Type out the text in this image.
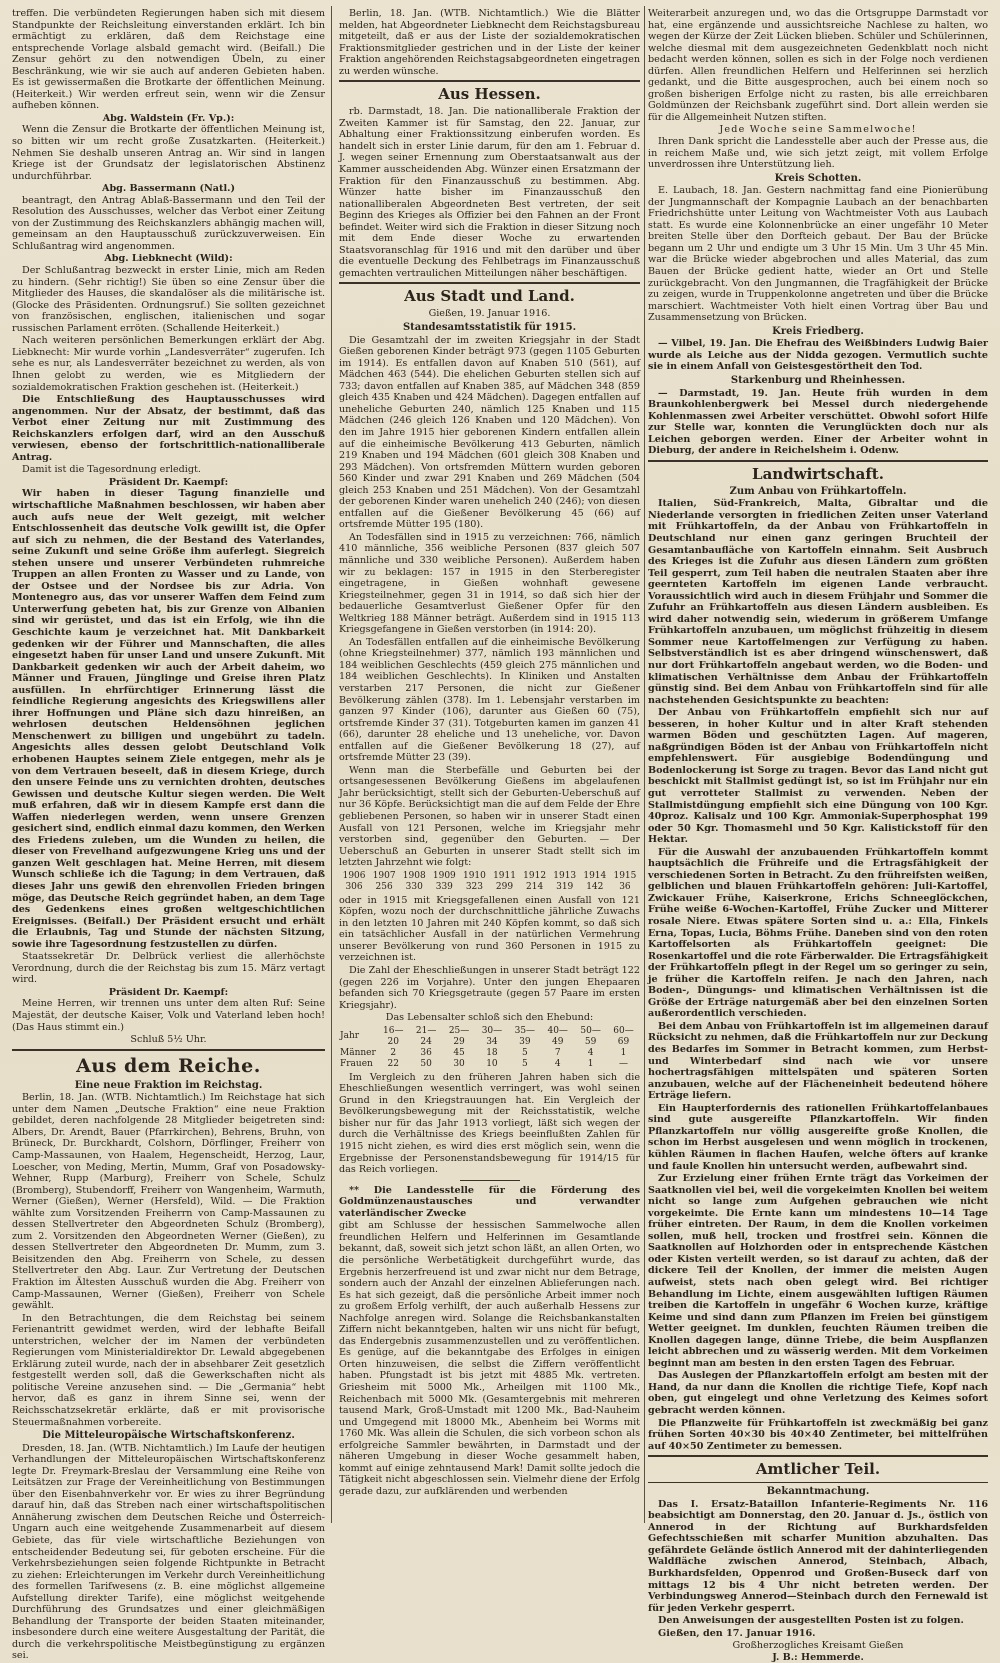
treffen. Die verbündeten Regierungen haben sich mit diesem Standpunkte der Reichsleitung einverstanden erklärt. Ich bin ermächtigt zu erklären, daß dem Reichstage eine entsprechende Vorlage alsbald gemacht wird. (Beifall.) Die Zensur gehört zu den notwendigen Übeln, zu einer Beschränkung, wie wir sie auch auf anderen Gebieten haben. Es ist gewissermaßen die Brotkarte der öffentlichen Meinung. (Heiterkeit.) Wir werden erfreut sein, wenn wir die Zensur aufheben können.

Abg. Waldstein (Fr. Vp.):

Wenn die Zensur die Brotkarte der öffentlichen Meinung ist, so bitten wir um recht große Zusatzkarten. (Heiterkeit.) Nehmen Sie deshalb unseren Antrag an. Wir sind in langen Kriege ist der Grundsatz der legislatorischen Abstinenz undurchführbar.

Abg. Bassermann (Natl.)

beantragt, den Antrag Ablaß-Bassermann und den Teil der Resolution des Ausschusses, welcher das Verbot einer Zeitung von der Zustimmung des Reichskanzlers abhängig machen will, gemeinsam an den Hauptausschuß zurückzuverweisen. Ein Schlußantrag wird angenommen.

Abg. Liebknecht (Wild):

Der Schlußantrag bezweckt in erster Linie, mich am Reden zu hindern. (Sehr richtig!) Sie üben so eine Zensur über die Mitglieder des Hauses, die skandalöser als die militärische ist. (Glocke des Präsidenten. Ordnungsruf.) Sie sollten gezeichnet von französischen, englischen, italienischen und sogar russischen Parlament erröten. (Schallende Heiterkeit.)

Nach weiteren persönlichen Bemerkungen erklärt der Abg. Liebknecht: Mir wurde vorhin „Landesverräter“ zugerufen. Ich sehe es nur, als Landesverräter bezeichnet zu werden, als von Ihnen gelobt zu werden, wie es Mitgliedern der sozialdemokratischen Fraktion geschehen ist. (Heiterkeit.)

Die Entschließung des Hauptausschusses wird angenommen. Nur der Absatz, der bestimmt, daß das Verbot einer Zeitung nur mit Zustimmung des Reichskanzlers erfolgen darf, wird an den Ausschuß verwiesen, ebenso der fortschrittlich-nationalliberale Antrag.

Damit ist die Tagesordnung erledigt.

Präsident Dr. Kaempf:

Wir haben in dieser Tagung finanzielle und wirtschaftliche Maßnahmen beschlossen, wir haben aber auch aufs neue der Welt gezeigt, mit welcher Entschlossenheit das deutsche Volk gewillt ist, die Opfer auf sich zu nehmen, die der Bestand des Vaterlandes, seine Zukunft und seine Größe ihm auferlegt. Siegreich stehen unsere und unserer Verbündeten ruhmreiche Truppen an allen Fronten zu Wasser und zu Lande, von der Ostsee und der Nordsee bis zur Adria. Von Montenegro aus, das vor unserer Waffen dem Feind zum Unterwerfung gebeten hat, bis zur Grenze von Albanien sind wir gerüstet, und das ist ein Erfolg, wie ihn die Geschichte kaum je verzeichnet hat. Mit Dankbarkeit gedenken wir der Führer und Mannschaften, die alles eingesetzt haben für unser Land und unsere Zukunft. Mit Dankbarkeit gedenken wir auch der Arbeit daheim, wo Männer und Frauen, Jünglinge und Greise ihren Platz ausfüllen. In ehrfürchtiger Erinnerung lässt die feindliche Regierung angesichts des Kriegswillens aller ihrer Hoffnungen und Pläne sich dazu hinreißen, an wehrlosen deutschen Heldensöhnen jeglichen Menschenwert zu billigen und ungebührt zu tadeln. Angesichts alles dessen gelobt Deutschland Volk erhobenen Hauptes seinem Ziele entgegen, mehr als je von dem Vertrauen beseelt, daß in diesem Kriege, durch den unsere Feinde uns zu vernichten drohten, deutsches Gewissen und deutsche Kultur siegen werden. Die Welt muß erfahren, daß wir in diesem Kampfe erst dann die Waffen niederlegen werden, wenn unsere Grenzen gesichert sind, endlich einmal dazu kommen, den Werken des Friedens zuleben, um die Wunden zu heilen, die dieser von Frevelhand aufgezwungene Krieg uns und der ganzen Welt geschlagen hat. Meine Herren, mit diesem Wunsch schließe ich die Tagung; in dem Vertrauen, daß dieses Jahr uns gewiß den ehrenvollen Frieden bringen möge, das Deutsche Reich gegründet haben, an dem Tage des Gedenkens eines großen weltgeschichtlichen Ereignisses. (Beifall.) Der Präsident ersucht und erhält die Erlaubnis, Tag und Stunde der nächsten Sitzung, sowie ihre Tagesordnung festzustellen zu dürfen.

Staatssekretär Dr. Delbrück verliest die allerhöchste Verordnung, durch die der Reichstag bis zum 15. März vertagt wird.

Präsident Dr. Kaempf:

Meine Herren, wir trennen uns unter dem alten Ruf: Seine Majestät, der deutsche Kaiser, Volk und Vaterland leben hoch! (Das Haus stimmt ein.)

Schluß 5½ Uhr.

Aus dem Reiche.

Eine neue Fraktion im Reichstag.

Berlin, 18. Jan. (WTB. Nichtamtlich.) Im Reichstage hat sich unter dem Namen „Deutsche Fraktion“ eine neue Fraktion gebildet, deren nachfolgende 28 Mitglieder beigetreten sind: Albers, Dr. Arendt, Bauer (Pfarrkirchen), Behrens, Bruhn, von Brüneck, Dr. Burckhardt, Colshorn, Dörflinger, Freiherr von Camp-Massaunen, von Haalem, Hegenscheidt, Herzog, Laur, Loescher, von Meding, Mertin, Mumm, Graf von Posadowsky-Wehner, Rupp (Marburg), Freiherr von Schele, Schulz (Bromberg), Stubendorff, Freiherr von Wangenheim, Warmuth, Werner (Gießen), Werner (Hersfeld), Wild. — Die Fraktion wählte zum Vorsitzenden Freiherrn von Camp-Massaunen zu dessen Stellvertreter den Abgeordneten Schulz (Bromberg), zum 2. Vorsitzenden den Abgeordneten Werner (Gießen), zu dessen Stellvertreter den Abgeordneten Dr. Mumm, zum 3. Beisitzenden den Abg. Freiherrn von Schele, zu dessen Stellvertreter den Abg. Laur. Zur Vertretung der Deutschen Fraktion im Ältesten Ausschuß wurden die Abg. Freiherr von Camp-Massaunen, Werner (Gießen), Freiherr von Schele gewählt.

In den Betrachtungen, die dem Reichstag bei seinem Ferienantritt gewidmet werden, wird der lebhafte Beifall unterstrichen, welcher der im Namen der verbündeten Regierungen vom Ministerialdirektor Dr. Lewald abgegebenen Erklärung zuteil wurde, nach der in absehbarer Zeit gesetzlich festgestellt werden soll, daß die Gewerkschaften nicht als politische Vereine anzusehen sind. — Die „Germania“ hebt hervor, daß es ganz in ihrem Sinne sei, wenn der Reichsschatzsekretär erklärte, daß er mit provisorische Steuermaßnahmen vorbereite.

Die Mitteleuropäische Wirtschaftskonferenz.

Dresden, 18. Jan. (WTB. Nichtamtlich.) Im Laufe der heutigen Verhandlungen der Mitteleuropäischen Wirtschaftskonferenz legte Dr. Freymark-Breslau der Versammlung eine Reihe von Leitsätzen zur Frage der Vereinheitlichung von Bestimmungen über den Eisenbahnverkehr vor. Er wies zu ihrer Begründung darauf hin, daß das Streben nach einer wirtschaftspolitischen Annäherung zwischen dem Deutschen Reiche und Österreich-Ungarn auch eine weitgehende Zusammenarbeit auf diesem Gebiete, das für viele wirtschaftliche Beziehungen von entscheidender Bedeutung sei, für geboten erscheine. Für die Verkehrsbeziehungen seien folgende Richtpunkte in Betracht zu ziehen: Erleichterungen im Verkehr durch Vereinheitlichung des formellen Tarifwesens (z. B. eine möglichst allgemeine Aufstellung direkter Tarife), eine möglichst weitgehende Durchführung des Grundsatzes und einer gleichmäßigen Behandlung der Transporte der beiden Staaten miteinander, insbesondere durch eine weitere Ausgestaltung der Parität, die durch die verkehrspolitische Meistbegünstigung zu ergänzen sei.

Berlin, 18. Jan. (WTB. Nichtamtlich.) Wie die Blätter melden, hat Abgeordneter Liebknecht dem Reichstagsbureau mitgeteilt, daß er aus der Liste der sozialdemokratischen Fraktionsmitglieder gestrichen und in der Liste der keiner Fraktion angehörenden Reichstagsabgeordneten eingetragen zu werden wünsche.

Aus Hessen.

rb. Darmstadt, 18. Jan. Die nationalliberale Fraktion der Zweiten Kammer ist für Samstag, den 22. Januar, zur Abhaltung einer Fraktionssitzung einberufen worden. Es handelt sich in erster Linie darum, für den am 1. Februar d. J. wegen seiner Ernennung zum Oberstaatsanwalt aus der Kammer ausscheidenden Abg. Wünzer einen Ersatzmann der Fraktion für den Finanzausschuß zu bestimmen. Abg. Wünzer hatte bisher im Finanzausschuß den nationalliberalen Abgeordneten Best vertreten, der seit Beginn des Krieges als Offizier bei den Fahnen an der Front befindet. Weiter wird sich die Fraktion in dieser Sitzung noch mit dem Ende dieser Woche zu erwartenden Staatsvoranschlag für 1916 und mit den darüber und über die eventuelle Deckung des Fehlbetrags im Finanzausschuß gemachten vertraulichen Mitteilungen näher beschäftigen.

Aus Stadt und Land.

Gießen, 19. Januar 1916.

Standesamtsstatistik für 1915.

Die Gesamtzahl der im zweiten Kriegsjahr in der Stadt Gießen geborenen Kinder beträgt 973 (gegen 1105 Geburten im 1914). Es entfallen davon auf Knaben 510 (561), auf Mädchen 463 (544). Die ehelichen Geburten stellen sich auf 733; davon entfallen auf Knaben 385, auf Mädchen 348 (859 gleich 435 Knaben und 424 Mädchen). Dagegen entfallen auf uneheliche Geburten 240, nämlich 125 Knaben und 115 Mädchen (246 gleich 126 Knaben und 120 Mädchen). Von den im Jahre 1915 hier geborenen Kindern entfallen allein auf die einheimische Bevölkerung 413 Geburten, nämlich 219 Knaben und 194 Mädchen (601 gleich 308 Knaben und 293 Mädchen). Von ortsfremden Müttern wurden geboren 560 Kinder und zwar 291 Knaben und 269 Mädchen (504 gleich 253 Knaben und 251 Mädchen). Von der Gesamtzahl der geborenen Kinder waren unehelich 240 (246); von diesen entfallen auf die Gießener Bevölkerung 45 (66) auf ortsfremde Mütter 195 (180).

An Todesfällen sind in 1915 zu verzeichnen: 766, nämlich 410 männliche, 356 weibliche Personen (837 gleich 507 männliche und 330 weibliche Personen). Außerdem haben wir zu beklagen: 157 in 1915 in den Sterberegister eingetragene, in Gießen wohnhaft gewesene Kriegsteilnehmer, gegen 31 in 1914, so daß sich hier der bedauerliche Gesamtverlust Gießener Opfer für den Weltkrieg 188 Männer beträgt. Außerdem sind in 1915 113 Kriegsgefangene in Gießen verstorben (in 1914: 20).

An Todesfällen entfallen auf die einheimische Bevölkerung (ohne Kriegsteilnehmer) 377, nämlich 193 männlichen und 184 weiblichen Geschlechts (459 gleich 275 männlichen und 184 weiblichen Geschlechts). In Kliniken und Anstalten verstarben 217 Personen, die nicht zur Gießener Bevölkerung zählen (378). Im 1. Lebensjahr verstarben im ganzen 97 Kinder (106), darunter aus Gießen 60 (75), ortsfremde Kinder 37 (31). Totgeburten kamen im ganzen 41 (66), darunter 28 eheliche und 13 uneheliche, vor. Davon entfallen auf die Gießener Bevölkerung 18 (27), auf ortsfremde Mütter 23 (39).

Wenn man die Sterbefälle und Geburten bei der ortsangesessenen Bevölkerung Gießens im abgelaufenen Jahr berücksichtigt, stellt sich der Geburten-Ueberschuß auf nur 36 Köpfe. Berücksichtigt man die auf dem Felde der Ehre gebliebenen Personen, so haben wir in unserer Stadt einen Ausfall von 121 Personen, welche im Kriegsjahr mehr verstorben sind, gegenüber den Geburten. — Der Ueberschuß an Geburten in unserer Stadt stellt sich im letzten Jahrzehnt wie folgt:

1906	1907	1908	1909	1910	1911	1912	1913	1914	1915
306	256	330	339	323	299	214	319	142	36

oder in 1915 mit Kriegsgefallenen einen Ausfall von 121 Köpfen, wozu noch der durchschnittliche jährliche Zuwachs in den letzten 10 Jahren mit 240 Köpfen kommt, so daß sich ein tatsächlicher Ausfall in der natürlichen Vermehrung unserer Bevölkerung von rund 360 Personen in 1915 zu verzeichnen ist.

Die Zahl der Eheschließungen in unserer Stadt beträgt 122 (gegen 226 im Vorjahre). Unter den jungen Ehepaaren befanden sich 70 Kriegsgetraute (gegen 57 Paare im ersten Kriegsjahr).

Das Lebensalter schloß sich den Ehebund:

Jahr	16—20	21—24	25—29	30—34	35—39	40—49	50—59	60—69
Männer	2	36	45	18	5	7	4	1
Frauen	22	50	30	10	5	4	1	—

Im Vergleich zu den früheren Jahren haben sich die Eheschließungen wesentlich verringert, was wohl seinen Grund in den Kriegstrauungen hat. Ein Vergleich der Bevölkerungsbewegung mit der Reichsstatistik, welche bisher nur für das Jahr 1913 vorliegt, läßt sich wegen der durch die Verhältnisse des Kriegs beeinflußten Zahlen für 1915 nicht ziehen, es wird dies erst möglich sein, wenn die Ergebnisse der Personenstandsbewegung für 1914/15 für das Reich vorliegen.

** Die Landesstelle für die Förderung des Goldmünzenaustausches und verwandter vaterländischer Zwecke

gibt am Schlusse der hessischen Sammelwoche allen freundlichen Helfern und Helferinnen im Gesamtlande bekannt, daß, soweit sich jetzt schon läßt, an allen Orten, wo die persönliche Werbetätigkeit durchgeführt wurde, das Ergebnis herzerfreuend ist und zwar nicht nur dem Betrage, sondern auch der Anzahl der einzelnen Ablieferungen nach. Es hat sich gezeigt, daß die persönliche Arbeit immer noch zu großem Erfolg verhilft, der auch außerhalb Hessens zur Nachfolge anregen wird. Solange die Reichsbankanstalten Ziffern nicht bekanntgeben, halten wir uns nicht für befugt, das Endergebnis zusammenzustellen und zu veröffentlichen. Es genüge, auf die bekanntgabe des Erfolges in einigen Orten hinzuweisen, die selbst die Ziffern veröffentlicht haben. Pfungstadt ist bis jetzt mit 4885 Mk. vertreten. Griesheim mit 5000 Mk., Arheilgen mit 1100 Mk., Reichenbach mit 5000 Mk. (Gesamtergebnis mit mehreren tausend Mark, Groß-Umstadt mit 1200 Mk., Bad-Nauheim und Umgegend mit 18000 Mk., Abenheim bei Worms mit 1760 Mk. Was allein die Schulen, die sich vorbeon schon als erfolgreiche Sammler bewährten, in Darmstadt und der näheren Umgebung in dieser Woche gesammelt haben, kommt auf einige zehntausend Mark! Damit sollte jedoch die Tätigkeit nicht abgeschlossen sein. Vielmehr diene der Erfolg gerade dazu, zur aufklärenden und werbenden

Weiterarbeit anzuregen und, wo das die Ortsgruppe Darmstadt vor hat, eine ergänzende und aussichtsreiche Nachlese zu halten, wo wegen der Kürze der Zeit Lücken blieben. Schüler und Schülerinnen, welche diesmal mit dem ausgezeichneten Gedenkblatt noch nicht bedacht werden können, sollen es sich in der Folge noch verdienen dürfen. Allen freundlichen Helfern und Helferinnen sei herzlich gedankt, und die Bitte ausgesprochen, auch bei einem noch so großen bisherigen Erfolge nicht zu rasten, bis alle erreichbaren Goldmünzen der Reichsbank zugeführt sind. Dort allein werden sie für die Allgemeinheit Nutzen stiften.

Jede Woche seine Sammelwoche!

Ihren Dank spricht die Landesstelle aber auch der Presse aus, die in reichem Maße und, wie sich jetzt zeigt, mit vollem Erfolge unverdrossen ihre Unterstützung lieh.

Kreis Schotten.

E. Laubach, 18. Jan. Gestern nachmittag fand eine Pionierübung der Jungmannschaft der Kompagnie Laubach an der benachbarten Friedrichshütte unter Leitung von Wachtmeister Voth aus Laubach statt. Es wurde eine Kolonnenbrücke an einer ungefähr 10 Meter breiten Stelle über den Dorfteich gebaut. Der Bau der Brücke begann um 2 Uhr und endigte um 3 Uhr 15 Min. Um 3 Uhr 45 Min. war die Brücke wieder abgebrochen und alles Material, das zum Bauen der Brücke gedient hatte, wieder an Ort und Stelle zurückgebracht. Von den Jungmannen, die Tragfähigkeit der Brücke zu zeigen, wurde in Truppenkolonne angetreten und über die Brücke marschiert. Wachtmeister Voth hielt einen Vortrag über Bau und Zusammensetzung von Brücken.

Kreis Friedberg.

— Vilbel, 19. Jan. Die Ehefrau des Weißbinders Ludwig Baier wurde als Leiche aus der Nidda gezogen. Vermutlich suchte sie in einem Anfall von Geistesgestörtheit den Tod.

Starkenburg und Rheinhessen.

— Darmstadt, 19. Jan. Heute früh wurden in dem Braunkohlenbergwerk bei Messel durch niedergehende Kohlenmassen zwei Arbeiter verschüttet. Obwohl sofort Hilfe zur Stelle war, konnten die Verunglückten doch nur als Leichen geborgen werden. Einer der Arbeiter wohnt in Dieburg, der andere in Reichelsheim i. Odenw.

Landwirtschaft.

Zum Anbau von Frühkartoffeln.

Italien, Süd-Frankreich, Malta, Gibraltar und die Niederlande versorgten in friedlichen Zeiten unser Vaterland mit Frühkartoffeln, da der Anbau von Frühkartoffeln in Deutschland nur einen ganz geringen Bruchteil der Gesamtanbaufläche von Kartoffeln einnahm. Seit Ausbruch des Krieges ist die Zufuhr aus diesen Ländern zum größten Teil gesperrt, zum Teil haben die neutralen Staaten aber ihre geernteten Kartoffeln im eigenen Lande verbraucht. Voraussichtlich wird auch in diesem Frühjahr und Sommer die Zufuhr an Frühkartoffeln aus diesen Ländern ausbleiben. Es wird daher notwendig sein, wiederum in größerem Umfange Frühkartoffeln anzubauen, um möglichst frühzeitig in diesem Sommer neue Kartoffelmengen zur Verfügung zu haben. Selbstverständlich ist es aber dringend wünschenswert, daß nur dort Frühkartoffeln angebaut werden, wo die Boden- und klimatischen Verhältnisse dem Anbau der Frühkartoffeln günstig sind. Bei dem Anbau von Frühkartoffeln sind für alle nachstehenden Gesichtspunkte zu beachten:

Der Anbau von Frühkartoffeln empfiehlt sich nur auf besseren, in hoher Kultur und in alter Kraft stehenden warmen Böden und geschützten Lagen. Auf mageren, naßgründigen Böden ist der Anbau von Frühkartoffeln nicht empfehlenswert. Für ausgiebige Bodendüngung und Bodenlockerung ist Sorge zu tragen. Bevor das Land nicht gut beschickt mit Stallmist gedüngt ist, so ist im Frühjahr nur ein gut verrotteter Stallmist zu verwenden. Neben der Stallmistdüngung empfiehlt sich eine Düngung von 100 Kgr. 40proz. Kalisalz und 100 Kgr. Ammoniak-Superphosphat 199 oder 50 Kgr. Thomasmehl und 50 Kgr. Kalistickstoff für den Hektar.

Für die Auswahl der anzubauenden Frühkartoffeln kommt hauptsächlich die Frühreife und die Ertragsfähigkeit der verschiedenen Sorten in Betracht. Zu den frühreifsten weißen, gelblichen und blauen Frühkartoffeln gehören: Juli-Kartoffel, Zwickauer Frühe, Kaiserkrone, Erichs Schneeglöckchen, Frühe weiße 6-Wochen-Kartoffel, Frühe Zucker und Mitterer rosale Niere. Etwas spätere Sorten sind u. a.: Ella, Finkels Erna, Topas, Lucia, Böhms Frühe. Daneben sind von den roten Kartoffelsorten als Frühkartoffeln geeignet: Die Rosenkartoffel und die rote Färberwalder. Die Ertragsfähigkeit der Frühkartoffeln pflegt in der Regel um so geringer zu sein, je früher die Kartoffeln reifen. Je nach den Jahren, nach Boden-, Düngungs- und klimatischen Verhältnissen ist die Größe der Erträge naturgemäß aber bei den einzelnen Sorten außerordentlich verschieden.

Bei dem Anbau von Frühkartoffeln ist im allgemeinen darauf Rücksicht zu nehmen, daß die Frühkartoffeln nur zur Deckung des Bedarfes im Sommer in Betracht kommen, zum Herbst- und Winterbedarf sind nach wie vor unsere hochertragsfähigen mittelspäten und späteren Sorten anzubauen, welche auf der Flächeneinheit bedeutend höhere Erträge liefern.

Ein Haupterfordernis des rationellen Frühkartoffelanbaues sind gute ausgereifte Pflanzkartoffeln. Wir finden Pflanzkartoffeln nur völlig ausgereifte große Knollen, die schon im Herbst ausgelesen und wenn möglich in trockenen, kühlen Räumen in flachen Haufen, welche öfters auf kranke und faule Knollen hin untersucht werden, aufbewahrt sind.

Zur Erzielung einer frühen Ernte trägt das Vorkeimen der Saatknollen viel bei, weil die vorgekeimten Knollen bei weitem nicht so lange zum Aufgehen gebrauchen wie nicht vorgekeimte. Die Ernte kann um mindestens 10—14 Tage früher eintreten. Der Raum, in dem die Knollen vorkeimen sollen, muß hell, trocken und frostfrei sein. Können die Saatknollen auf Holzhorden oder in entsprechende Kästchen oder Kisten verteilt werden, so ist darauf zu achten, daß der dickere Teil der Knollen, der immer die meisten Augen aufweist, stets nach oben gelegt wird. Bei richtiger Behandlung im Lichte, einem ausgewählten luftigen Räumen treiben die Kartoffeln in ungefähr 6 Wochen kurze, kräftige Keime und sind dann zum Pflanzen im Freien bei günstigem Wetter geeignet. Im dunklen, feuchten Räumen treiben die Knollen dagegen lange, dünne Triebe, die beim Auspflanzen leicht abbrechen und zu wässerig werden. Mit dem Vorkeimen beginnt man am besten in den ersten Tagen des Februar.

Das Auslegen der Pflanzkartoffeln erfolgt am besten mit der Hand, da nur dann die Knollen die richtige Tiefe, Kopf nach oben, gut eingelegt und ohne Verletzung des Keimes sofort gebracht werden können.

Die Pflanzweite für Frühkartoffeln ist zweckmäßig bei ganz frühen Sorten 40×30 bis 40×40 Zentimeter, bei mittelfrühen auf 40×50 Zentimeter zu bemessen.

Amtlicher Teil.

Bekanntmachung.

Das I. Ersatz-Bataillon Infanterie-Regiments Nr. 116 beabsichtigt am Donnerstag, den 20. Januar d. Js., östlich von Annerod in der Richtung auf Burkhardsfelden Gefechtsschießen mit scharfer Munition abzuhalten. Das gefährdete Gelände östlich Annerod mit der dahinterliegenden Waldfläche zwischen Annerod, Steinbach, Albach, Burkhardsfelden, Oppenrod und Großen-Buseck darf von mittags 12 bis 4 Uhr nicht betreten werden. Der Verbindungsweg Annerod—Steinbach durch den Fernewald ist für jeden Verkehr gesperrt.

Den Anweisungen der ausgestellten Posten ist zu folgen.

Gießen, den 17. Januar 1916.

Großherzogliches Kreisamt Gießen

J. B.: Hemmerde.
